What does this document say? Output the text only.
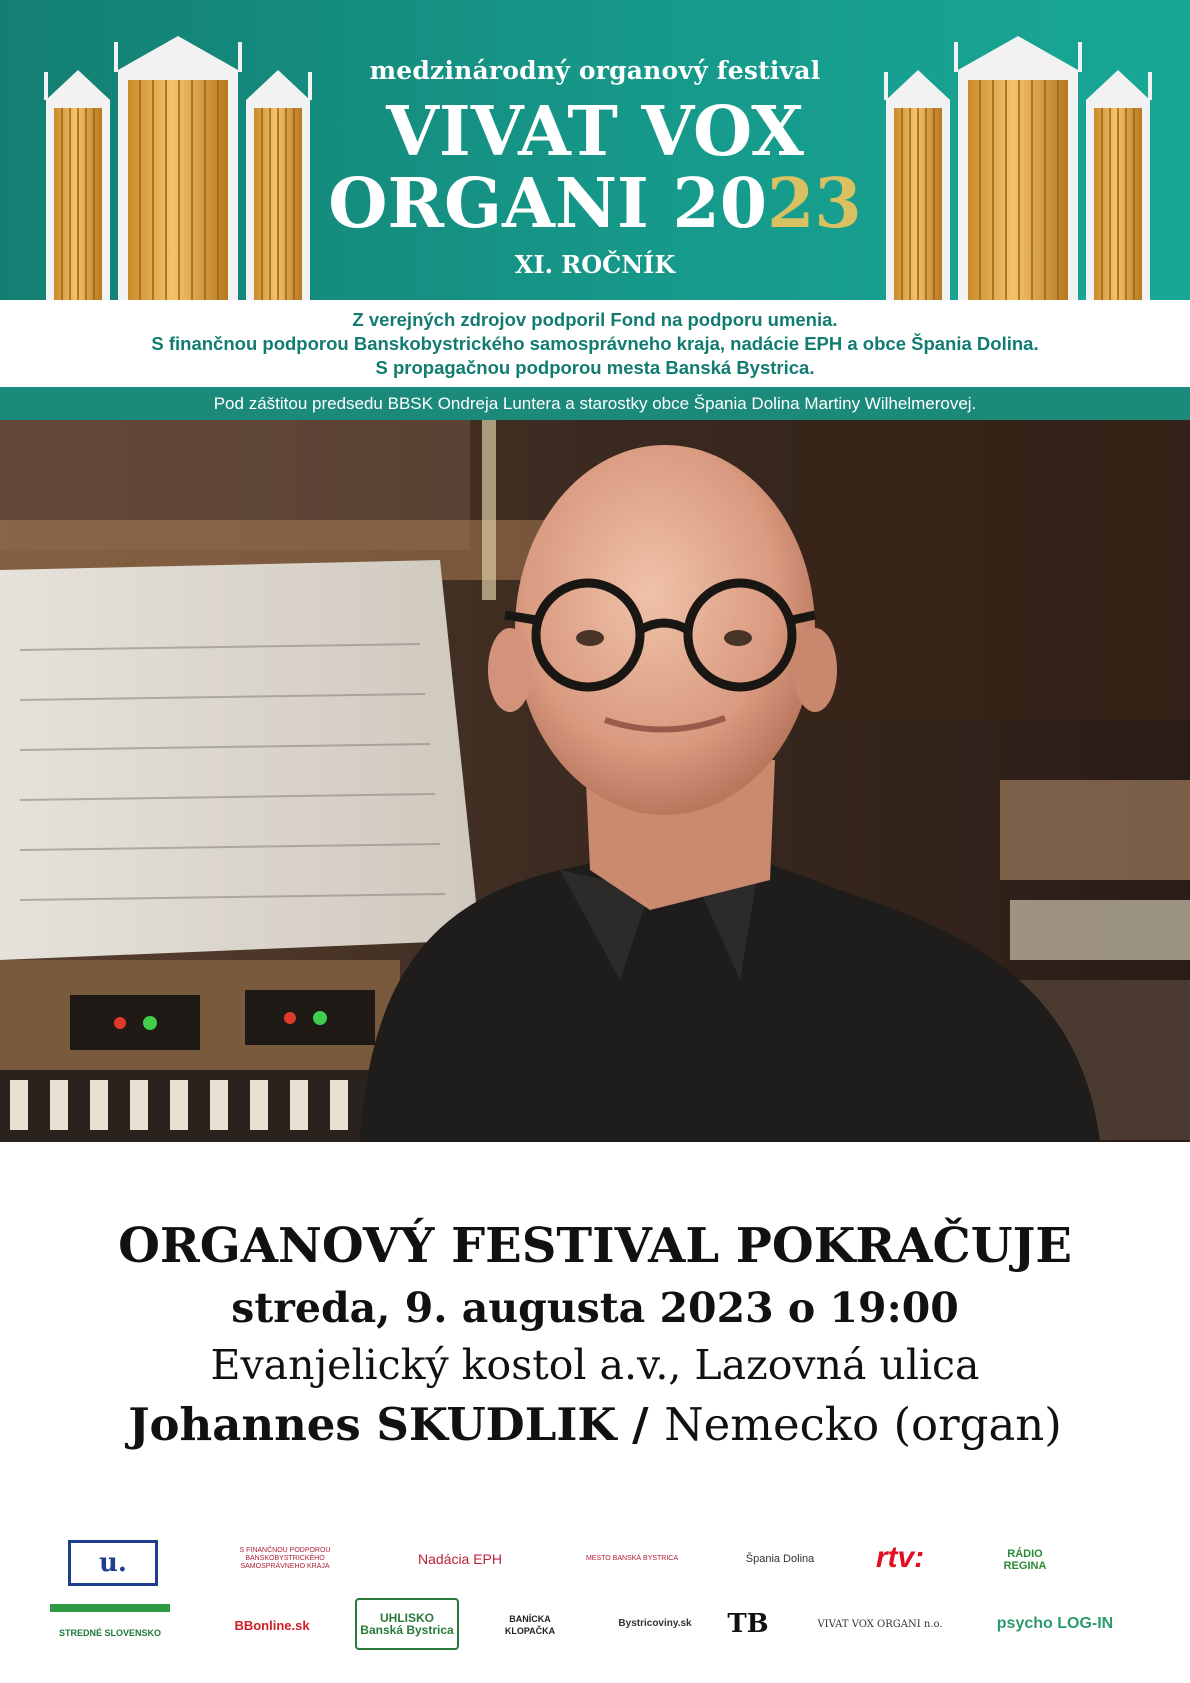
medzinárodný organový festival
VIVAT VOX
ORGANI 2023
XI. ROČNÍK
Z verejných zdrojov podporil Fond na podporu umenia.
S finančnou podporou Banskobystrického samosprávneho kraja, nadácie EPH a obce Špania Dolina.
S propagačnou podporou mesta Banská Bystrica.
Pod záštitou predsedu BBSK Ondreja Luntera a starostky obce Špania Dolina Martiny Wilhelmerovej.
ORGANOVÝ FESTIVAL POKRAČUJE
streda, 9. augusta 2023 o 19:00
Evanjelický kostol a.v., Lazovná ulica
Johannes SKUDLIK / Nemecko (organ)
u.	S FINANČNOU PODPOROU BANSKOBYSTRICKÉHO SAMOSPRÁVNEHO KRAJA	Nadácia EPH	MESTO BANSKÁ BYSTRICA	Špania Dolina	rtv:	RÁDIO REGINA
STREDNÉ SLOVENSKO	BBonline.sk	UHLISKO Banská Bystrica
BANÍCKA KLOPAČKA
Bystricoviny.sk	TB	VIVAT VOX ORGANI n.o.	psycho LOG-IN
